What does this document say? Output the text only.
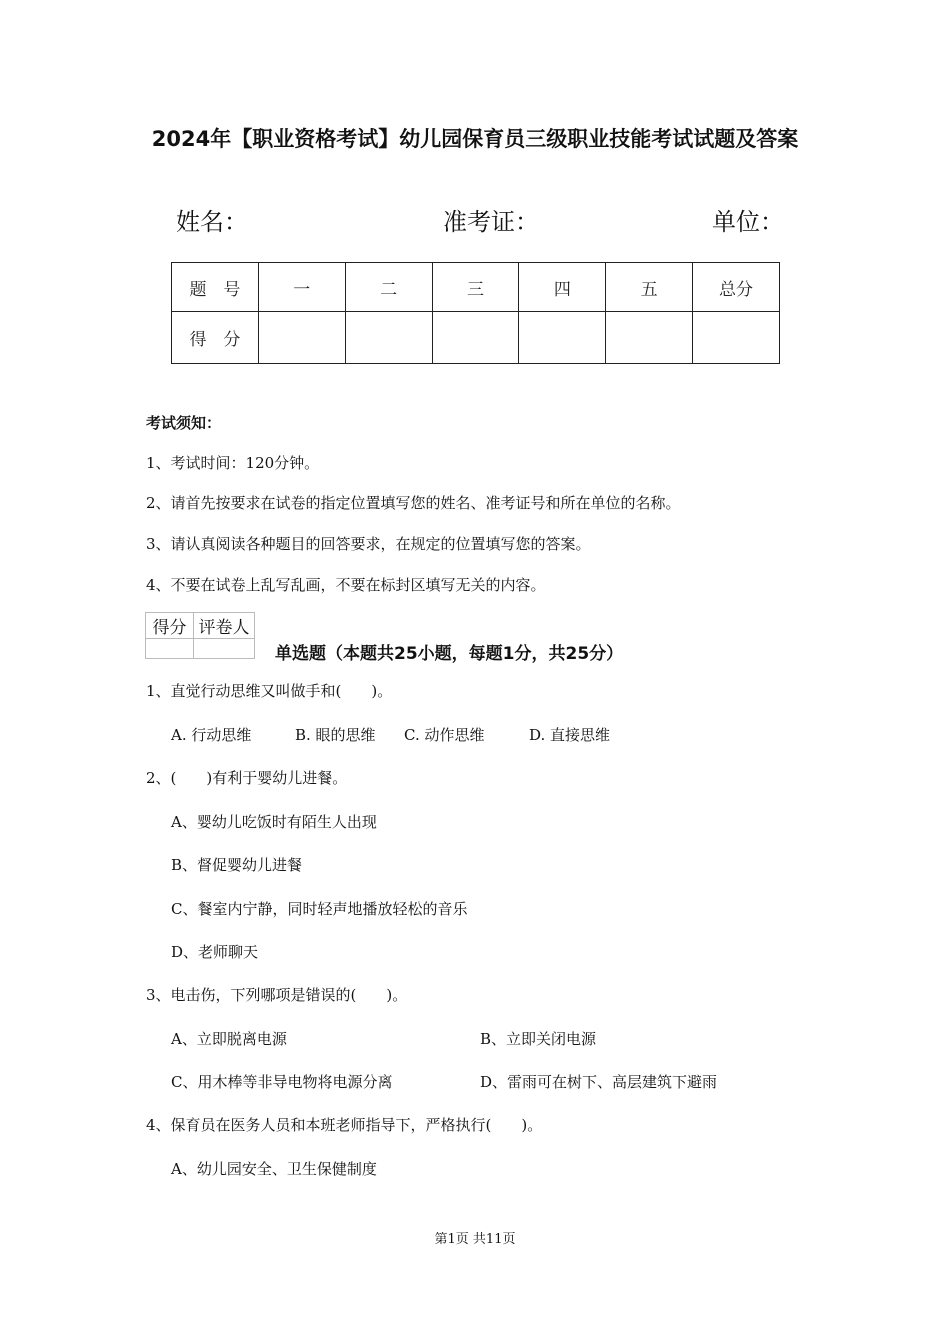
2024年【职业资格考试】幼儿园保育员三级职业技能考试试题及答案
姓名：	准考证：	单位：
题　号	一	二	三	四	五	总分
得　分						
考试须知：
1、考试时间：120分钟。
2、请首先按要求在试卷的指定位置填写您的姓名、准考证号和所在单位的名称。
3、请认真阅读各种题目的回答要求，在规定的位置填写您的答案。
4、不要在试卷上乱写乱画，不要在标封区填写无关的内容。
得分	评卷人

单选题（本题共25小题，每题1分，共25分）
1、直觉行动思维又叫做手和(　　)。
A. 行动思维	B. 眼的思维 C. 动作思维	D. 直接思维
2、(　　)有利于婴幼儿进餐。
A、婴幼儿吃饭时有陌生人出现
B、督促婴幼儿进餐
C、餐室内宁静，同时轻声地播放轻松的音乐
D、老师聊天
3、电击伤，下列哪项是错误的(　　)。
A、立即脱离电源	B、立即关闭电源
C、用木棒等非导电物将电源分离	D、雷雨可在树下、高层建筑下避雨
4、保育员在医务人员和本班老师指导下，严格执行(　　)。
A、幼儿园安全、卫生保健制度
第1页 共11页
